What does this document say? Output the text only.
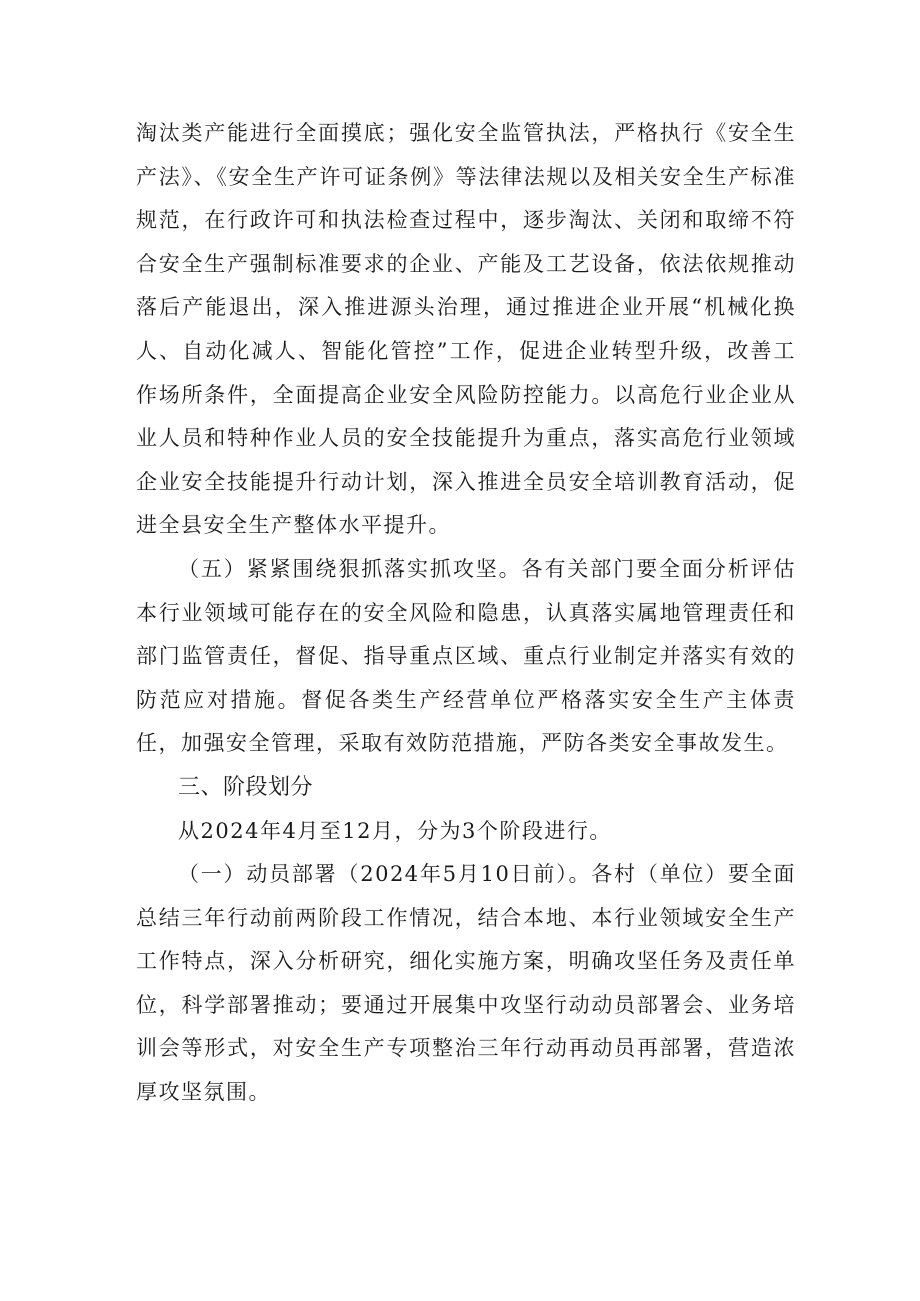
淘汰类产能进行全面摸底；强化安全监管执法，严格执行《安全生产法》、《安全生产许可证条例》等法律法规以及相关安全生产标准规范，在行政许可和执法检查过程中，逐步淘汰、关闭和取缔不符合安全生产强制标准要求的企业、产能及工艺设备，依法依规推动落后产能退出，深入推进源头治理，通过推进企业开展“机械化换人、自动化减人、智能化管控”工作，促进企业转型升级，改善工作场所条件，全面提高企业安全风险防控能力。以高危行业企业从业人员和特种作业人员的安全技能提升为重点，落实高危行业领域企业安全技能提升行动计划，深入推进全员安全培训教育活动，促进全县安全生产整体水平提升。

（五）紧紧围绕狠抓落实抓攻坚。各有关部门要全面分析评估本行业领域可能存在的安全风险和隐患，认真落实属地管理责任和部门监管责任，督促、指导重点区域、重点行业制定并落实有效的防范应对措施。督促各类生产经营单位严格落实安全生产主体责任，加强安全管理，采取有效防范措施，严防各类安全事故发生。

三、阶段划分

从2024年4月至12月，分为3个阶段进行。

（一）动员部署（2024年5月10日前）。各村（单位）要全面总结三年行动前两阶段工作情况，结合本地、本行业领域安全生产工作特点，深入分析研究，细化实施方案，明确攻坚任务及责任单位，科学部署推动；要通过开展集中攻坚行动动员部署会、业务培训会等形式，对安全生产专项整治三年行动再动员再部署，营造浓厚攻坚氛围。
